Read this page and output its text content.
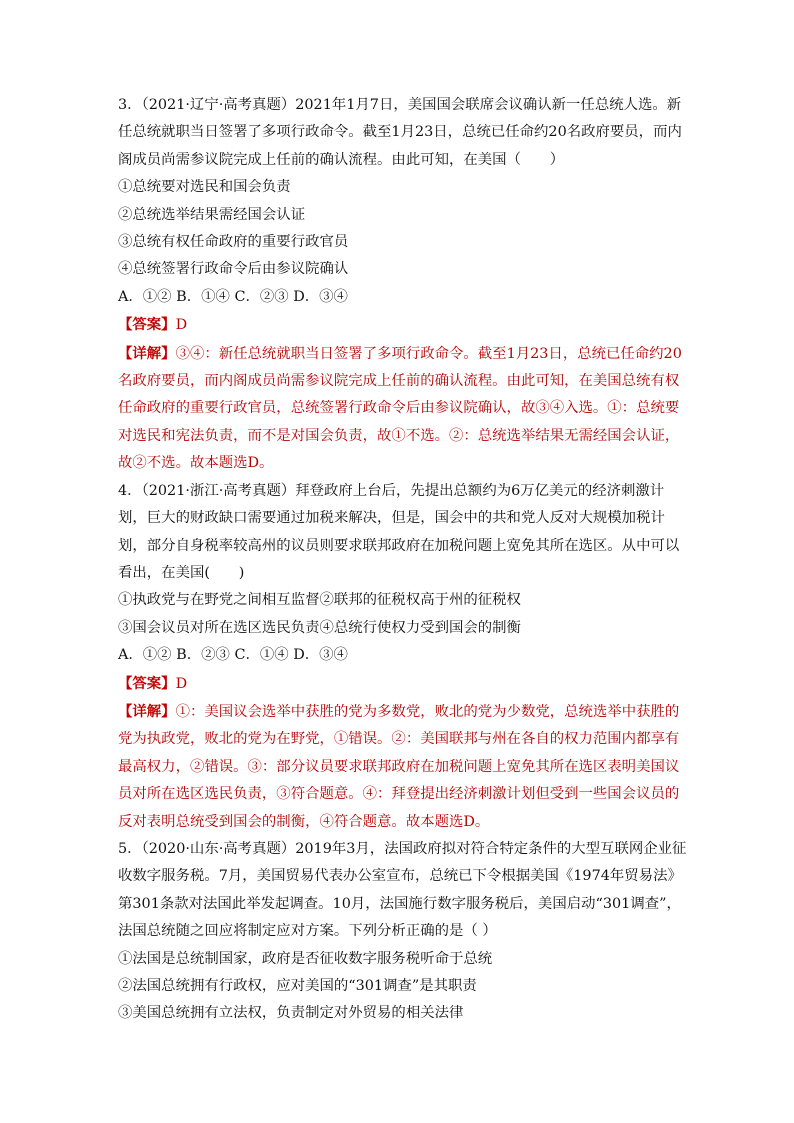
3．（2021·辽宁·高考真题）2021年1月7日，美国国会联席会议确认新一任总统人选。新任总统就职当日签署了多项行政命令。截至1月23日，总统已任命约20名政府要员，而内阁成员尚需参议院完成上任前的确认流程。由此可知，在美国（　　）

①总统要对选民和国会负责

②总统选举结果需经国会认证

③总统有权任命政府的重要行政官员

④总统签署行政命令后由参议院确认

A．①② B．①④ C．②③ D．③④

【答案】D

【详解】③④：新任总统就职当日签署了多项行政命令。截至1月23日，总统已任命约20名政府要员，而内阁成员尚需参议院完成上任前的确认流程。由此可知，在美国总统有权任命政府的重要行政官员，总统签署行政命令后由参议院确认，故③④入选。①：总统要对选民和宪法负责，而不是对国会负责，故①不选。②：总统选举结果无需经国会认证，故②不选。故本题选D。

4．（2021·浙江·高考真题）拜登政府上台后，先提出总额约为6万亿美元的经济刺激计划，巨大的财政缺口需要通过加税来解决，但是，国会中的共和党人反对大规模加税计划，部分自身税率较高州的议员则要求联邦政府在加税问题上宽免其所在选区。从中可以看出，在美国(　　)

①执政党与在野党之间相互监督②联邦的征税权高于州的征税权

③国会议员对所在选区选民负责④总统行使权力受到国会的制衡

A．①② B．②③ C．①④ D．③④

【答案】D

【详解】①：美国议会选举中获胜的党为多数党，败北的党为少数党，总统选举中获胜的党为执政党，败北的党为在野党，①错误。②：美国联邦与州在各自的权力范围内都享有最高权力，②错误。③：部分议员要求联邦政府在加税问题上宽免其所在选区表明美国议员对所在选区选民负责，③符合题意。④：拜登提出经济刺激计划但受到一些国会议员的反对表明总统受到国会的制衡，④符合题意。故本题选D。

5．（2020·山东·高考真题）2019年3月，法国政府拟对符合特定条件的大型互联网企业征收数字服务税。7月，美国贸易代表办公室宣布，总统已下令根据美国《1974年贸易法》第301条款对法国此举发起调查。10月，法国施行数字服务税后，美国启动“301调查”，法国总统随之回应将制定应对方案。下列分析正确的是（ ）

①法国是总统制国家，政府是否征收数字服务税听命于总统

②法国总统拥有行政权，应对美国的“301调查”是其职责

③美国总统拥有立法权，负责制定对外贸易的相关法律
